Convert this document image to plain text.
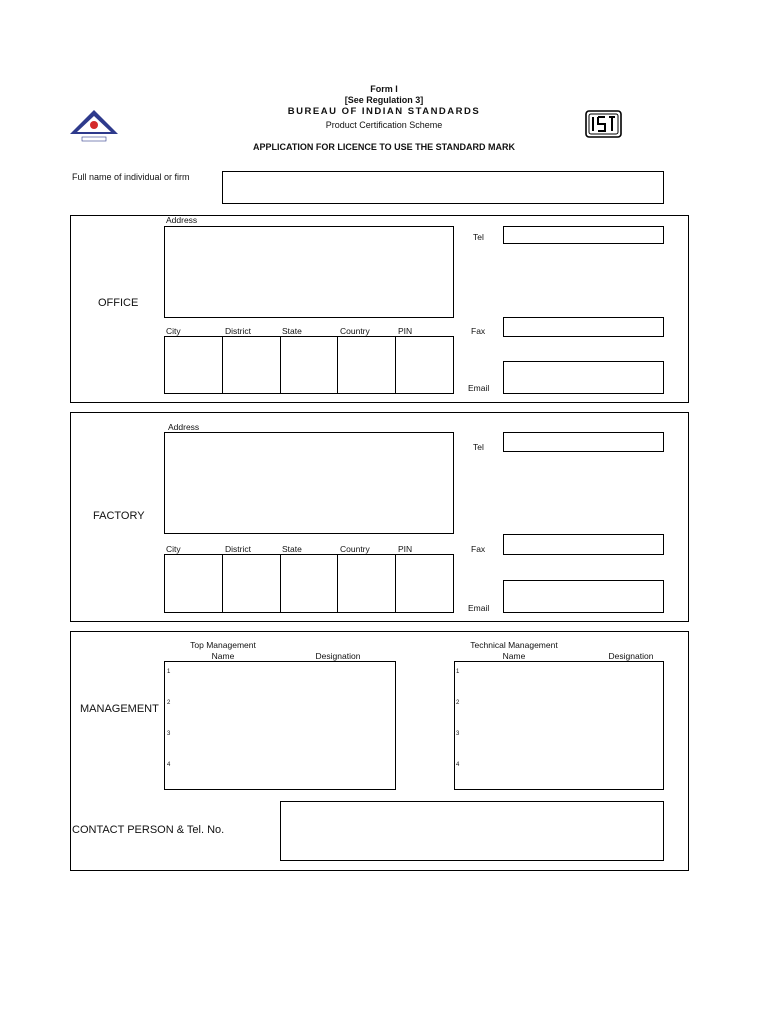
Form I
[See Regulation 3]
BUREAU OF INDIAN STANDARDS
Product Certification Scheme
APPLICATION FOR LICENCE TO USE THE STANDARD MARK
Full name of individual or firm
OFFICE
Address
City	District	State	Country	PIN
Tel
Fax
Email
FACTORY
Address
City	District	State	Country	PIN
Tel
Fax
Email
MANAGEMENT
Top Management
Name	Designation
1
2
3
4
Technical Management
Name	Designation
1
2
3
4
CONTACT PERSON & Tel. No.
